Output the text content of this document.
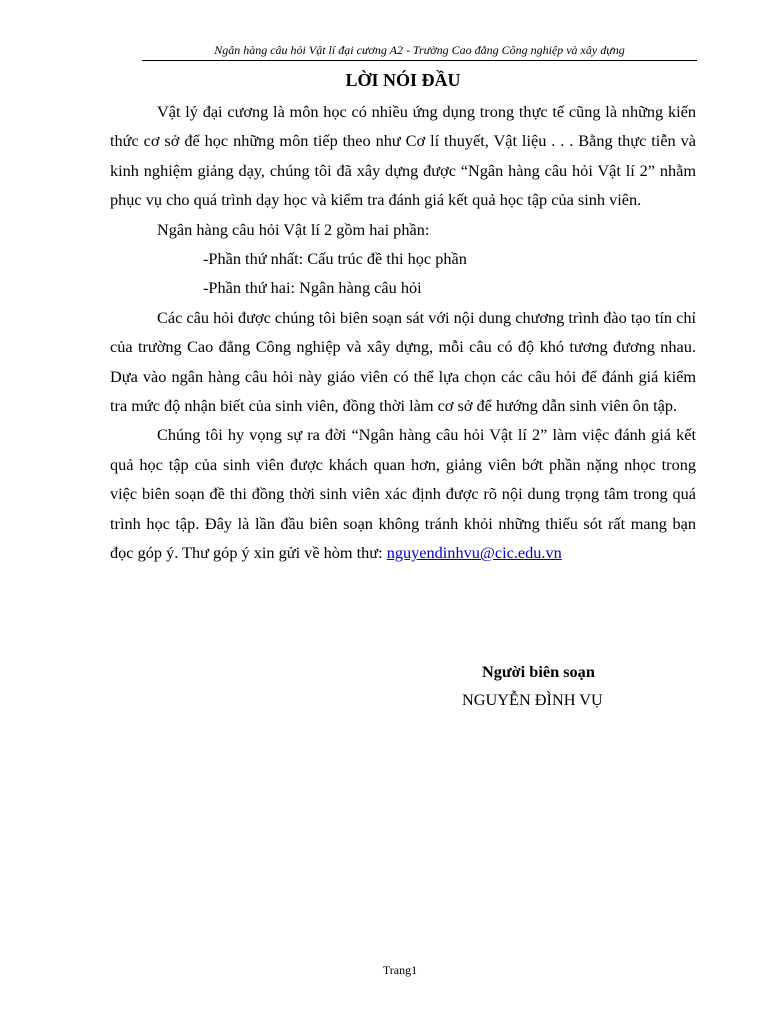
Ngân hàng câu hỏi Vật lí đại cương A2 - Trường Cao đẳng Công nghiệp và xây dựng
LỜI NÓI ĐẦU

Vật lý đại cương là môn học có nhiều ứng dụng trong thực tế cũng là những kiến thức cơ sở để học những môn tiếp theo như Cơ lí thuyết, Vật liệu . . . Bằng thực tiễn và kinh nghiệm giảng dạy, chúng tôi đã xây dựng được “Ngân hàng câu hỏi Vật lí 2” nhằm phục vụ cho quá trình dạy học và kiểm tra đánh giá kết quả học tập của sinh viên.

Ngân hàng câu hỏi Vật lí 2 gồm hai phần:

-Phần thứ nhất: Cấu trúc đề thi học phần

-Phần thứ hai: Ngân hàng câu hỏi

Các câu hỏi được chúng tôi biên soạn sát với nội dung chương trình đào tạo tín chỉ của trường Cao đẳng Công nghiệp và xây dựng, mỗi câu có độ khó tương đương nhau. Dựa vào ngân hàng câu hỏi này giáo viên có thể lựa chọn các câu hỏi để đánh giá kiểm tra mức độ nhận biết của sinh viên, đồng thời làm cơ sở để hướng dẫn sinh viên ôn tập.

Chúng tôi hy vọng sự ra đời “Ngân hàng câu hỏi Vật lí 2” làm việc đánh giá kết quả học tập của sinh viên được khách quan hơn, giảng viên bớt phần nặng nhọc trong việc biên soạn đề thi đồng thời sinh viên xác định được rõ nội dung trọng tâm trong quá trình học tập. Đây là lần đầu biên soạn không tránh khỏi những thiếu sót rất mang bạn đọc góp ý. Thư góp ý xin gửi về hòm thư: nguyendinhvu@cic.edu.vn

Người biên soạn
NGUYỄN ĐÌNH VỤ
Trang1
